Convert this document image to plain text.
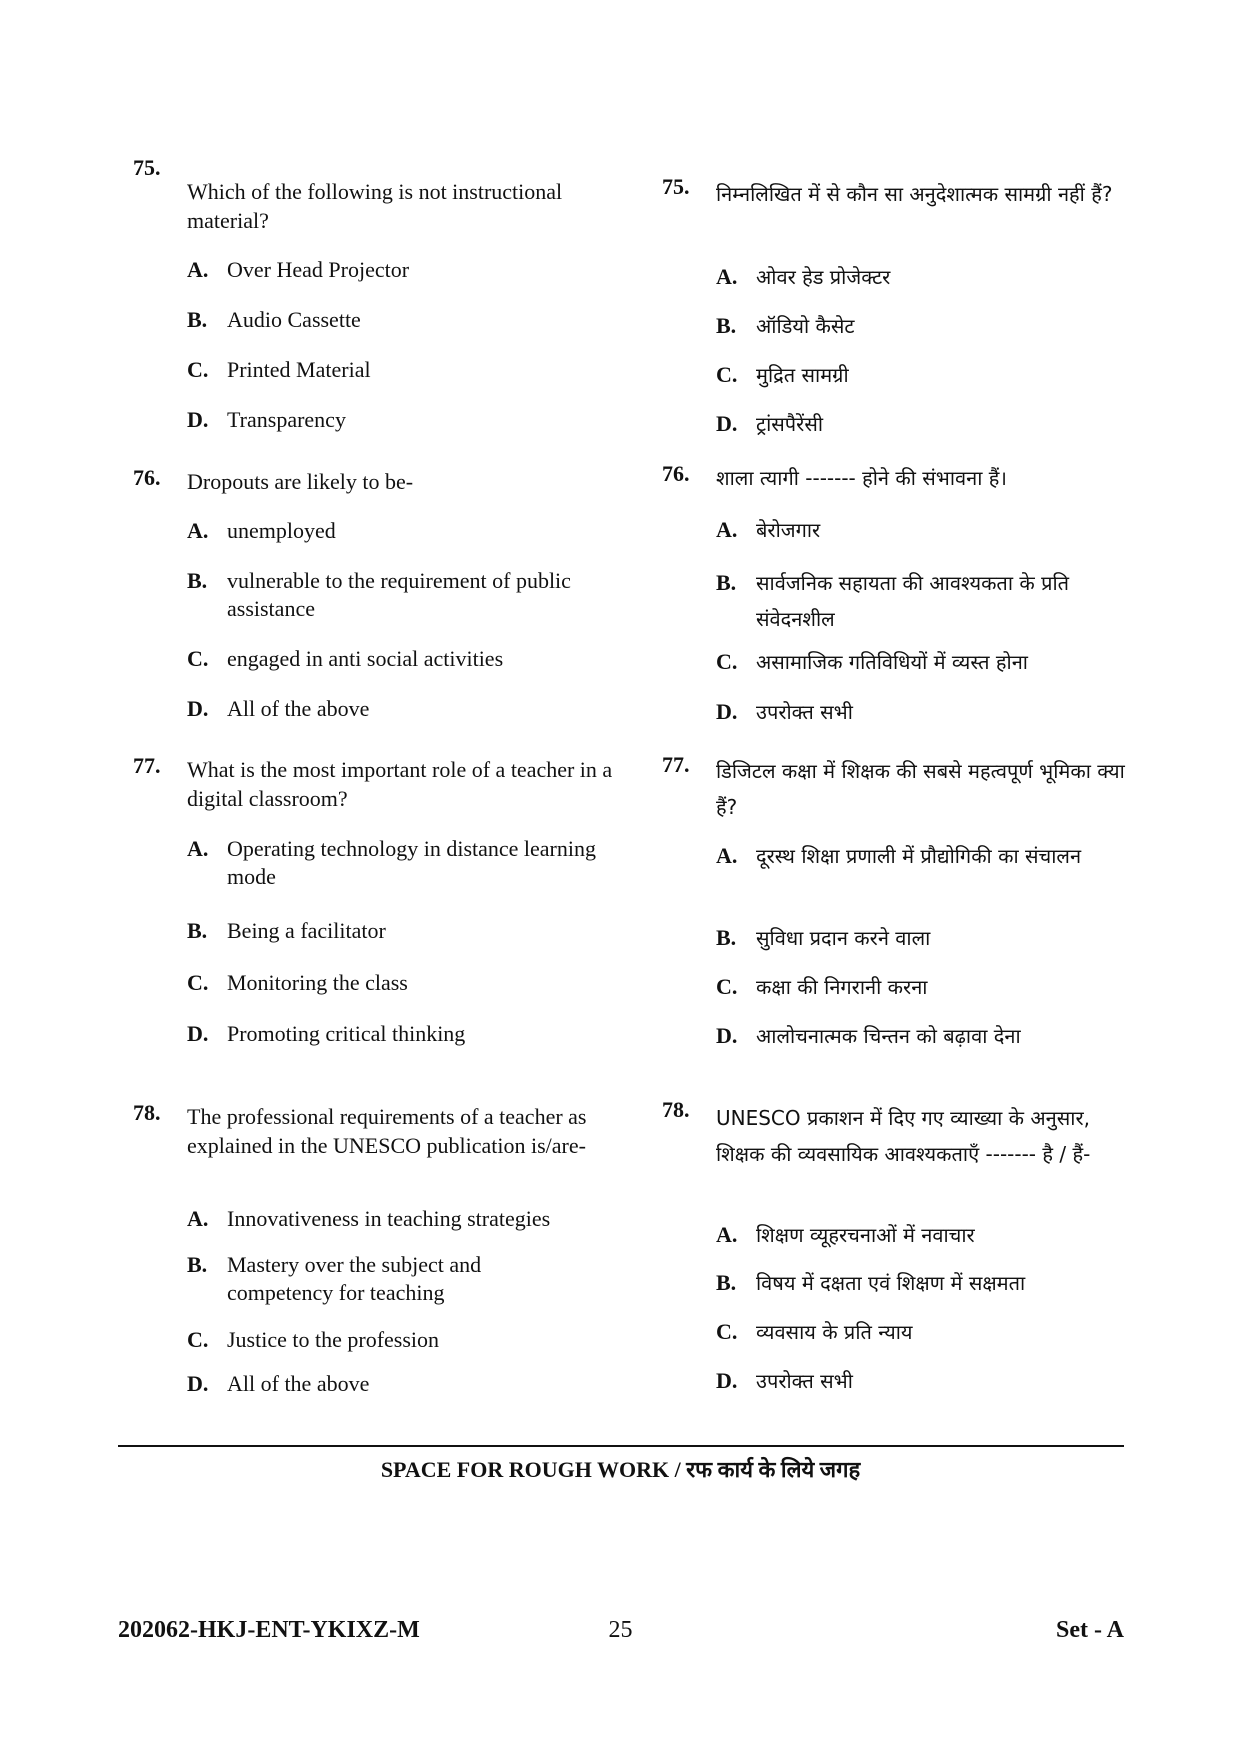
75.
Which of the following is not instructional material?
A. Over Head Projector
B. Audio Cassette
C. Printed Material
D. Transparency
76. Dropouts are likely to be-
A. unemployed
B. vulnerable to the requirement of public assistance
C. engaged in anti social activities
D. All of the above
77. What is the most important role of a teacher in a digital classroom?
A. Operating technology in distance learning mode
B. Being a facilitator
C. Monitoring the class
D. Promoting critical thinking
78. The professional requirements of a teacher as explained in the UNESCO publication is/are-
A. Innovativeness in teaching strategies
B. Mastery over the subject and competency for teaching
C. Justice to the profession
D. All of the above
75. निम्नलिखित में से कौन सा अनुदेशात्मक सामग्री नहीं हैं?
A. ओवर हेड प्रोजेक्टर
B. ऑडियो कैसेट
C. मुद्रित सामग्री
D. ट्रांसपैरेंसी
76. शाला त्यागी ------- होने की संभावना हैं।
A. बेरोजगार
B. सार्वजनिक सहायता की आवश्यकता के प्रति संवेदनशील
C. असामाजिक गतिविधियों में व्यस्त होना
D. उपरोक्त सभी
77. डिजिटल कक्षा में शिक्षक की सबसे महत्वपूर्ण भूमिका क्या हैं?
A. दूरस्थ शिक्षा प्रणाली में प्रौद्योगिकी का संचालन
B. सुविधा प्रदान करने वाला
C. कक्षा की निगरानी करना
D. आलोचनात्मक चिन्तन को बढ़ावा देना
78. UNESCO प्रकाशन में दिए गए व्याख्या के अनुसार, शिक्षक की व्यवसायिक आवश्यकताएँ ------- है / हैं-
A. शिक्षण व्यूहरचनाओं में नवाचार
B. विषय में दक्षता एवं शिक्षण में सक्षमता
C. व्यवसाय के प्रति न्याय
D. उपरोक्त सभी
SPACE FOR ROUGH WORK / रफ कार्य के लिये जगह
202062-HKJ-ENT-YKIXZ-M	25	Set - A
